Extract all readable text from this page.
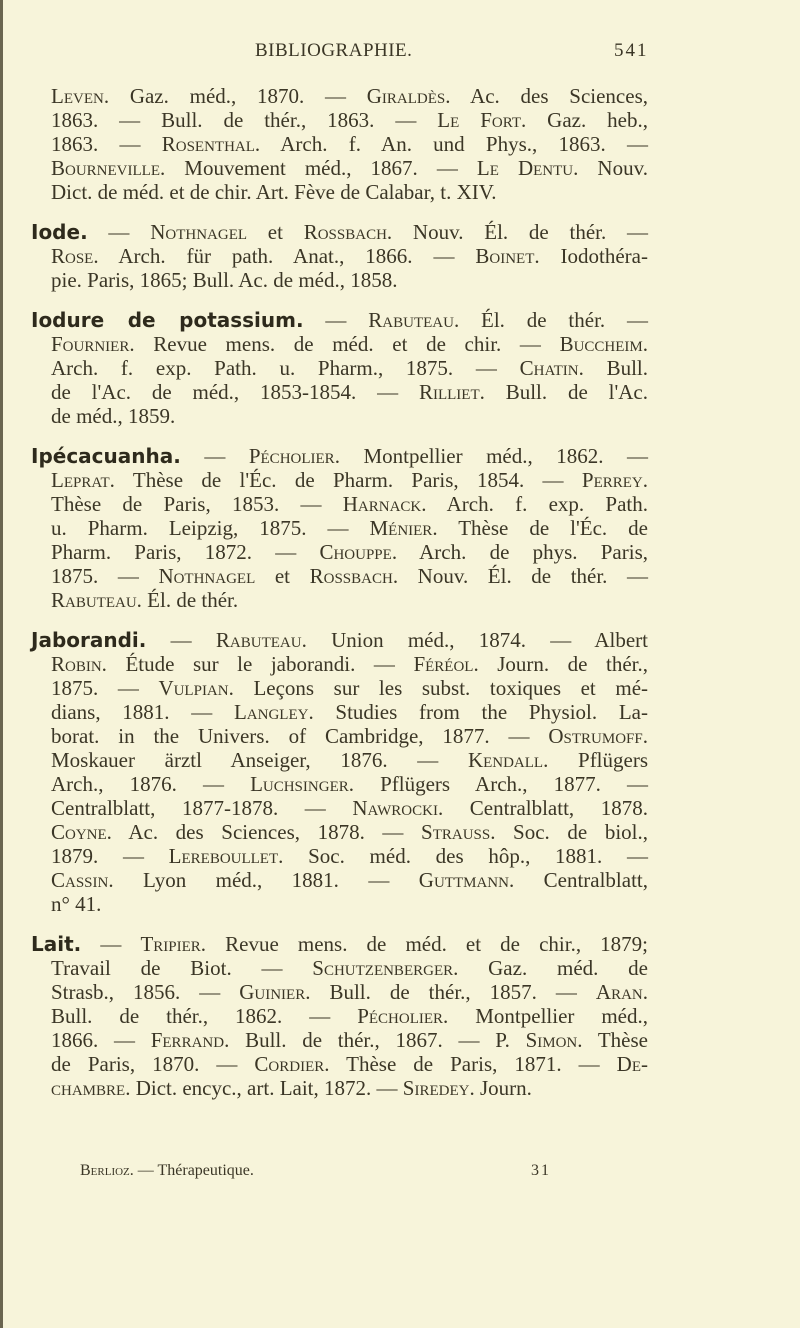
BIBLIOGRAPHIE.	541
Leven. Gaz. méd., 1870. — Giraldès. Ac. des Sciences,
1863. — Bull. de thér., 1863. — Le Fort. Gaz. heb.,
1863. — Rosenthal. Arch. f. An. und Phys., 1863. —
Bourneville. Mouvement méd., 1867. — Le Dentu. Nouv.
Dict. de méd. et de chir. Art. Fève de Calabar, t. XIV.
Iode. — Nothnagel et Rossbach. Nouv. Él. de thér. —
Rose. Arch. für path. Anat., 1866. — Boinet. Iodothéra-
pie. Paris, 1865; Bull. Ac. de méd., 1858.
Iodure de potassium. — Rabuteau. Él. de thér. —
Fournier. Revue mens. de méd. et de chir. — Buccheim.
Arch. f. exp. Path. u. Pharm., 1875. — Chatin. Bull.
de l'Ac. de méd., 1853-1854. — Rilliet. Bull. de l'Ac.
de méd., 1859.
Ipécacuanha. — Pécholier. Montpellier méd., 1862. —
Leprat. Thèse de l'Éc. de Pharm. Paris, 1854. — Perrey.
Thèse de Paris, 1853. — Harnack. Arch. f. exp. Path.
u. Pharm. Leipzig, 1875. — Ménier. Thèse de l'Éc. de
Pharm. Paris, 1872. — Chouppe. Arch. de phys. Paris,
1875. — Nothnagel et Rossbach. Nouv. Él. de thér. —
Rabuteau. Él. de thér.
Jaborandi. — Rabuteau. Union méd., 1874. — Albert
Robin. Étude sur le jaborandi. — Féréol. Journ. de thér.,
1875. — Vulpian. Leçons sur les subst. toxiques et mé-
dians, 1881. — Langley. Studies from the Physiol. La-
borat. in the Univers. of Cambridge, 1877. — Ostrumoff.
Moskauer ärztl Anseiger, 1876. — Kendall. Pflügers
Arch., 1876. — Luchsinger. Pflügers Arch., 1877. —
Centralblatt, 1877-1878. — Nawrocki. Centralblatt, 1878.
Coyne. Ac. des Sciences, 1878. — Strauss. Soc. de biol.,
1879. — Lereboullet. Soc. méd. des hôp., 1881. —
Cassin. Lyon méd., 1881. — Guttmann. Centralblatt,
n° 41.
Lait. — Tripier. Revue mens. de méd. et de chir., 1879;
Travail de Biot. — Schutzenberger. Gaz. méd. de
Strasb., 1856. — Guinier. Bull. de thér., 1857. — Aran.
Bull. de thér., 1862. — Pécholier. Montpellier méd.,
1866. — Ferrand. Bull. de thér., 1867. — P. Simon. Thèse
de Paris, 1870. — Cordier. Thèse de Paris, 1871. — De-
chambre. Dict. encyc., art. Lait, 1872. — Siredey. Journ.
Berlioz. — Thérapeutique.	31
